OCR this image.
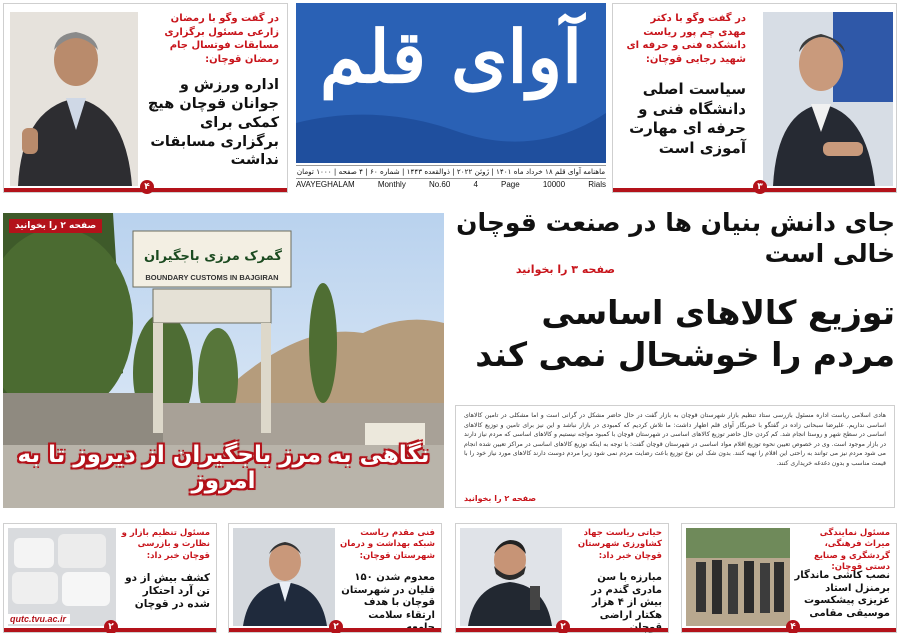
در گفت وگو با دکتر مهدی چم پور ریاست دانشکده فنی و حرفه ای شهید رجایی قوچان:
سیاست اصلی دانشگاه فنی و حرفه ای مهارت آموزی است
۳
آوای قلم
ماهنامه آوای قلم ۱۸ خرداد ماه ۱۴۰۱ | ژوئن ۲۰۲۲ | ذوالقعده ۱۴۴۳ | شماره ۶۰ | ۴ صفحه | ۱۰۰۰ تومان
AVAYEGHALAM	Monthly	No.60	4	Page	10000	Rials
در گفت وگو با رمضان زارعی مسئول برگزاری مسابقات فوتسال جام رمضان قوچان:
اداره ورزش و جوانان قوچان هیچ کمکی برای برگزاری مسابقات نداشت
۴
گمرک مرزی باجگیران
BOUNDARY CUSTOMS IN BAJGIRAN
صفحه ۲ را بخوانید
نگاهی به مرز باجگیران از دیروز تا به امروز
جای دانش بنیان ها در صنعت قوچان خالی است
صفحه ۳ را بخوانید
توزیع کالاهای اساسی مردم را خوشحال نمی کند
هادی اسلامی ریاست اداره مسئول بازرسی ستاد تنظیم بازار شهرستان قوچان به بازار گفت در حال حاضر مشکل در گرانی است و اما مشکلی در تامین کالاهای اساسی نداریم. علیرضا سبحانی زاده در گفتگو با خبرنگار آوای قلم اظهار داشت: ما تلاش کردیم که کمبودی در بازار نباشد و این نیز برای تامین و توزیع کالاهای اساسی در سطح شهر و روستا انجام شد. کم کردن حال حاضر توزیع کالاهای اساسی در شهرستان قوچان با کمبود مواجه نیستیم و کالاهای اساسی که مردم نیاز دارند در بازار موجود است. وی در خصوص تعیین نحوه توزیع اقلام مواد اساسی در شهرستان قوچان گفت: با توجه به اینکه توزیع کالاهای اساسی در مراکز تعیین شده انجام می شود مردم نیز می توانند به راحتی این اقلام را تهیه کنند. بدون شک این نوع توزیع باعث رضایت مردم نمی شود زیرا مردم دوست دارند کالاهای مورد نیاز خود را با قیمت مناسب و بدون دغدغه خریداری کنند.
صفحه ۲ را بخوانید
مسئول تنظیم بازار و نظارت و بازرسی قوچان خبر داد:
کشف بیش از دو تن آرد احتکار شده در قوچان
۲
فنی مقدم ریاست شبکه بهداشت و درمان شهرستان قوچان:
معدوم شدن ۱۵۰ قلیان در شهرستان قوچان با هدف ارتقاء سلامت
۲
حیاتی ریاست جهاد کشاورزی شهرستان قوچان خبر داد:
مبارزه با سن مادری گندم در بیش از ۴ هزار هکتار اراضی
۲
مسئول نمایندگی میراث فرهنگی، گردشگری و صنایع دستی قوچان:
نصب کاشی ماندگار برمنزل استاد عزیزی پیشکسوت موسیقی مقامی
۴
qutc.tvu.ac.ir
